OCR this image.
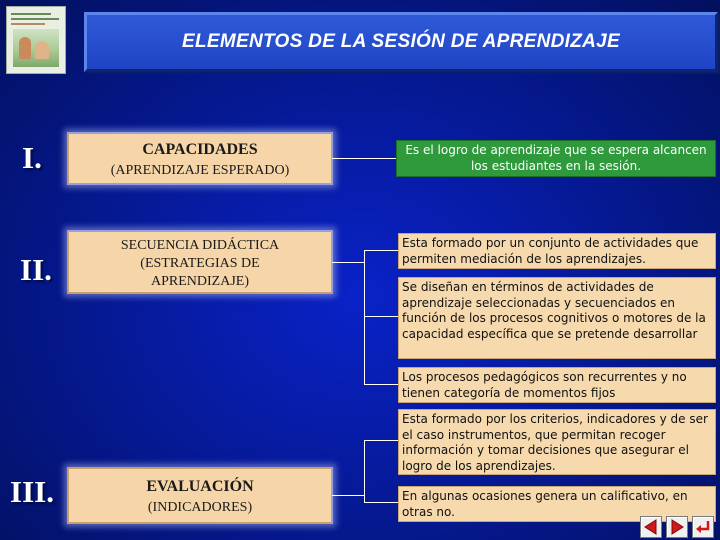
ELEMENTOS DE LA SESIÓN DE APRENDIZAJE
I.
II.
III.
CAPACIDADES
(APRENDIZAJE ESPERADO)
SECUENCIA DIDÁCTICA
(ESTRATEGIAS DE
APRENDIZAJE)
EVALUACIÓN
(INDICADORES)
Es el logro de aprendizaje que se espera alcancen los estudiantes en la sesión.
Esta formado por un conjunto de actividades que permiten mediación de los aprendizajes.
Se diseñan en términos de actividades de aprendizaje seleccionadas y secuenciados en función de los procesos cognitivos o motores de la capacidad específica que se pretende desarrollar
Los procesos pedagógicos son recurrentes y no tienen categoría de momentos fijos
Esta formado por los criterios, indicadores y de ser el caso instrumentos, que permitan recoger información y tomar decisiones que asegurar el logro de los aprendizajes.
En algunas ocasiones genera un calificativo, en otras no.
